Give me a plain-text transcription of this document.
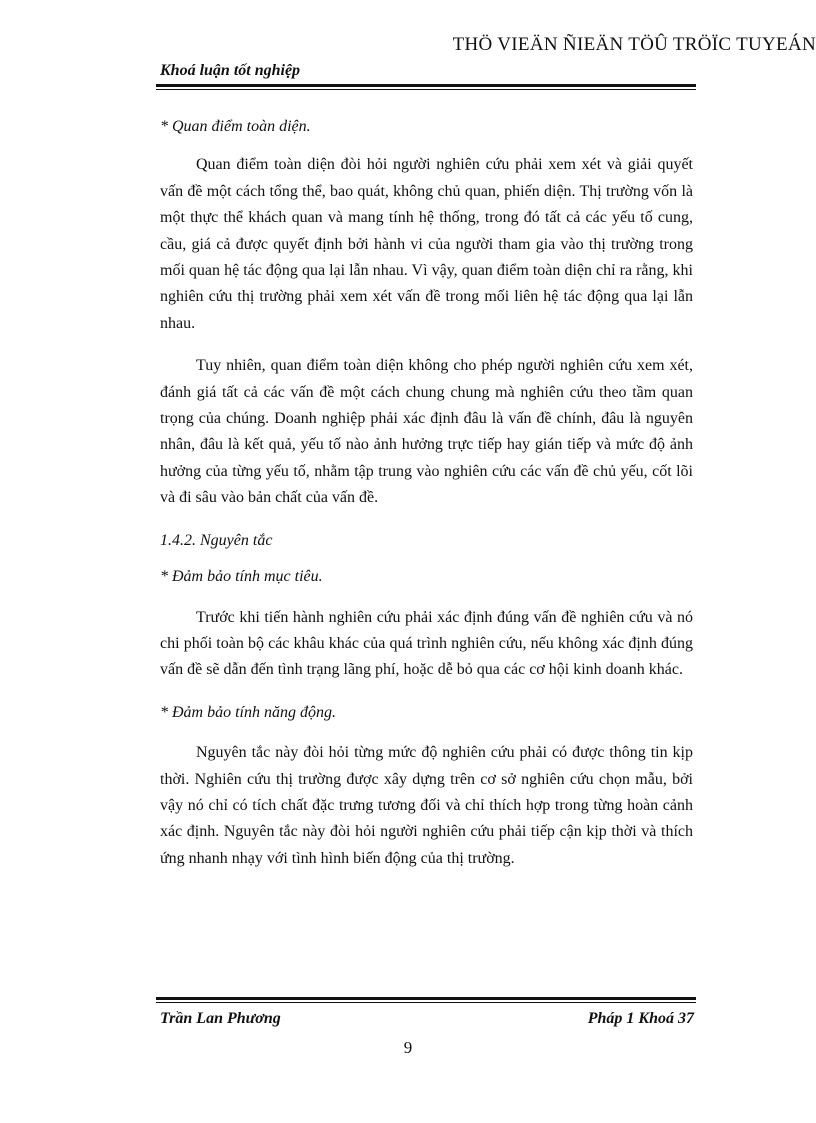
THÖ VIEÄN ÑIEÄN TÖÛ TRÖÏC TUYEÁN
Khoá luận tốt nghiệp

* Quan điểm toàn diện.

Quan điểm toàn diện đòi hỏi người nghiên cứu phải xem xét và giải quyết vấn đề một cách tổng thể, bao quát, không chủ quan, phiến diện. Thị trường vốn là một thực thể khách quan và mang tính hệ thống, trong đó tất cả các yếu tố cung, cầu, giá cả được quyết định bởi hành vi của người tham gia vào thị trường trong mối quan hệ tác động qua lại lẫn nhau. Vì vậy, quan điểm toàn diện chỉ ra rằng, khi nghiên cứu thị trường phải xem xét vấn đề trong mối liên hệ tác động qua lại lẫn nhau.

Tuy nhiên, quan điểm toàn diện không cho phép người nghiên cứu xem xét, đánh giá tất cả các vấn đề một cách chung chung mà nghiên cứu theo tầm quan trọng của chúng. Doanh nghiệp phải xác định đâu là vấn đề chính, đâu là nguyên nhân, đâu là kết quả, yếu tố nào ảnh hưởng trực tiếp hay gián tiếp và mức độ ảnh hưởng của từng yếu tố, nhằm tập trung vào nghiên cứu các vấn đề chủ yếu, cốt lõi và đi sâu vào bản chất của vấn đề.

1.4.2. Nguyên tắc

* Đảm bảo tính mục tiêu.

Trước khi tiến hành nghiên cứu phải xác định đúng vấn đề nghiên cứu và nó chi phối toàn bộ các khâu khác của quá trình nghiên cứu, nếu không xác định đúng vấn đề sẽ dẫn đến tình trạng lãng phí, hoặc dễ bỏ qua các cơ hội kinh doanh khác.

* Đảm bảo tính năng động.

Nguyên tắc này đòi hỏi từng mức độ nghiên cứu phải có được thông tin kịp thời. Nghiên cứu thị trường được xây dựng trên cơ sở nghiên cứu chọn mẫu, bởi vậy nó chỉ có tích chất đặc trưng tương đối và chỉ thích hợp trong từng hoàn cảnh xác định. Nguyên tắc này đòi hỏi người nghiên cứu phải tiếp cận kịp thời và thích ứng nhanh nhạy với tình hình biến động của thị trường.

Trần Lan Phương	Pháp 1 Khoá 37
9
